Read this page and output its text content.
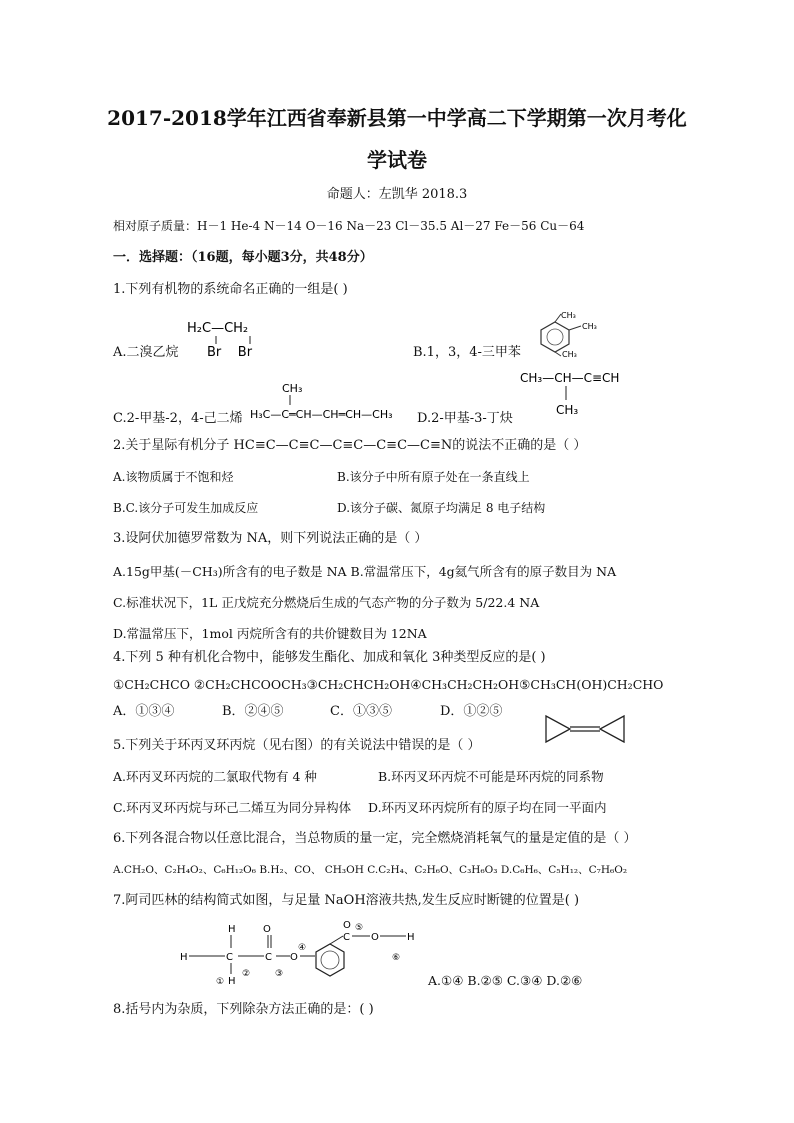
2017-2018学年江西省奉新县第一中学高二下学期第一次月考化
学试卷
命题人：左凯华 2018.3
相对原子质量：H－1 He-4 N－14 O－16 Na－23 Cl－35.5 Al－27 Fe－56 Cu－64
一．选择题：（16题，每小题3分，共48分）
1.下列有机物的系统命名正确的一组是( )
H₂C—CH₂
Br    Br
A.二溴乙烷
CH₃
CH₃
CH₃
B.1，3，4-三甲苯
CH₃
H₃C—C═CH—CH═CH—CH₃
C.2-甲基-2，4-己二烯
CH₃—CH—C≡CH
CH₃
D.2-甲基-3-丁炔
2.关于星际有机分子 HC≡C—C≡C—C≡C—C≡C—C≡N的说法不正确的是（ ）
A.该物质属于不饱和烃	B.该分子中所有原子处在一条直线上
B.C.该分子可发生加成反应	D.该分子碳、氮原子均满足 8 电子结构
3.设阿伏加德罗常数为 NA，则下列说法正确的是（ ）
A.15g甲基(－CH₃)所含有的电子数是 NA B.常温常压下，4g氦气所含有的原子数目为 NA
C.标准状况下，1L 正戊烷充分燃烧后生成的气态产物的分子数为 5/22.4 NA
D.常温常压下，1mol 丙烷所含有的共价键数目为 12NA
4.下列 5 种有机化合物中，能够发生酯化、加成和氧化 3种类型反应的是( )
①CH₂CHCO ②CH₂CHCOOCH₃③CH₂CHCH₂OH④CH₃CH₂CH₂OH⑤CH₃CH(OH)CH₂CHO
A．①③④	B．②④⑤	C．①③⑤	D．①②⑤
5.下列关于环丙叉环丙烷（见右图）的有关说法中错误的是（ ）
A.环丙叉环丙烷的二氯取代物有 4 种	B.环丙叉环丙烷不可能是环丙烷的同系物
C.环丙叉环丙烷与环己二烯互为同分异构体 D.环丙叉环丙烷所有的原子均在同一平面内
6.下列各混合物以任意比混合，当总物质的量一定，完全燃烧消耗氧气的量是定值的是（ ）
A.CH₂O、C₂H₄O₂、C₆H₁₂O₆ B.H₂、CO、 CH₃OH C.C₂H₄、C₂H₆O、C₃H₆O₃ D.C₆H₆、C₅H₁₂、C₇H₆O₂
7.阿司匹林的结构简式如图，与足量 NaOH溶液共热,发生反应时断键的位置是( )
H
H	C
H
①
②
C
O
③
O
④
C
O ⑤
O	H
⑥
A.①④ B.②⑤ C.③④ D.②⑥
8.括号内为杂质，下列除杂方法正确的是：( )
